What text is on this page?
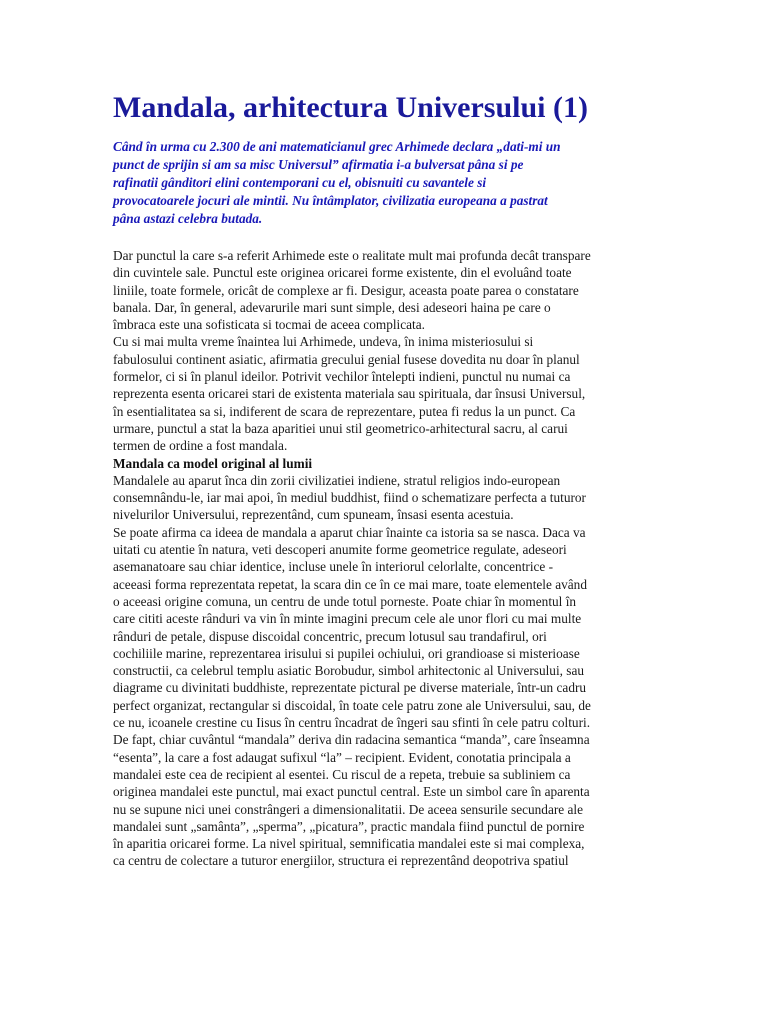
Mandala, arhitectura Universului (1)
Când în urma cu 2.300 de ani matematicianul grec Arhimede declara „dati-mi un
punct de sprijin si am sa misc Universul” afirmatia i-a bulversat pâna si pe
rafinatii gânditori elini contemporani cu el, obisnuiti cu savantele si
provocatoarele jocuri ale mintii. Nu întâmplator, civilizatia europeana a pastrat
pâna astazi celebra butada.
Dar punctul la care s-a referit Arhimede este o realitate mult mai profunda decât transpare
din cuvintele sale. Punctul este originea oricarei forme existente, din el evoluând toate
liniile, toate formele, oricât de complexe ar fi. Desigur, aceasta poate parea o constatare
banala. Dar, în general, adevarurile mari sunt simple, desi adeseori haina pe care o
îmbraca este una sofisticata si tocmai de aceea complicata.
Cu si mai multa vreme înaintea lui Arhimede, undeva, în inima misteriosului si
fabulosului continent asiatic, afirmatia grecului genial fusese dovedita nu doar în planul
formelor, ci si în planul ideilor. Potrivit vechilor întelepti indieni, punctul nu numai ca
reprezenta esenta oricarei stari de existenta materiala sau spirituala, dar însusi Universul,
în esentialitatea sa si, indiferent de scara de reprezentare, putea fi redus la un punct. Ca
urmare, punctul a stat la baza aparitiei unui stil geometrico-arhitectural sacru, al carui
termen de ordine a fost mandala.
Mandala ca model original al lumii
Mandalele au aparut înca din zorii civilizatiei indiene, stratul religios indo-european
consemnându-le, iar mai apoi, în mediul buddhist, fiind o schematizare perfecta a tuturor
nivelurilor Universului, reprezentând, cum spuneam, însasi esenta acestuia.
Se poate afirma ca ideea de mandala a aparut chiar înainte ca istoria sa se nasca. Daca va
uitati cu atentie în natura, veti descoperi anumite forme geometrice regulate, adeseori
asemanatoare sau chiar identice, incluse unele în interiorul celorlalte, concentrice -
aceeasi forma reprezentata repetat, la scara din ce în ce mai mare, toate elementele având
o aceeasi origine comuna, un centru de unde totul porneste. Poate chiar în momentul în
care cititi aceste rânduri va vin în minte imagini precum cele ale unor flori cu mai multe
rânduri de petale, dispuse discoidal concentric, precum lotusul sau trandafirul, ori
cochiliile marine, reprezentarea irisului si pupilei ochiului, ori grandioase si misterioase
constructii, ca celebrul templu asiatic Borobudur, simbol arhitectonic al Universului, sau
diagrame cu divinitati buddhiste, reprezentate pictural pe diverse materiale, într-un cadru
perfect organizat, rectangular si discoidal, în toate cele patru zone ale Universului, sau, de
ce nu, icoanele crestine cu Iisus în centru încadrat de îngeri sau sfinti în cele patru colturi.
De fapt, chiar cuvântul “mandala” deriva din radacina semantica “manda”, care înseamna
“esenta”, la care a fost adaugat sufixul “la” – recipient. Evident, conotatia principala a
mandalei este cea de recipient al esentei. Cu riscul de a repeta, trebuie sa subliniem ca
originea mandalei este punctul, mai exact punctul central. Este un simbol care în aparenta
nu se supune nici unei constrângeri a dimensionalitatii. De aceea sensurile secundare ale
mandalei sunt „samânta”, „sperma”, „picatura”, practic mandala fiind punctul de pornire
în aparitia oricarei forme. La nivel spiritual, semnificatia mandalei este si mai complexa,
ca centru de colectare a tuturor energiilor, structura ei reprezentând deopotriva spatiul
